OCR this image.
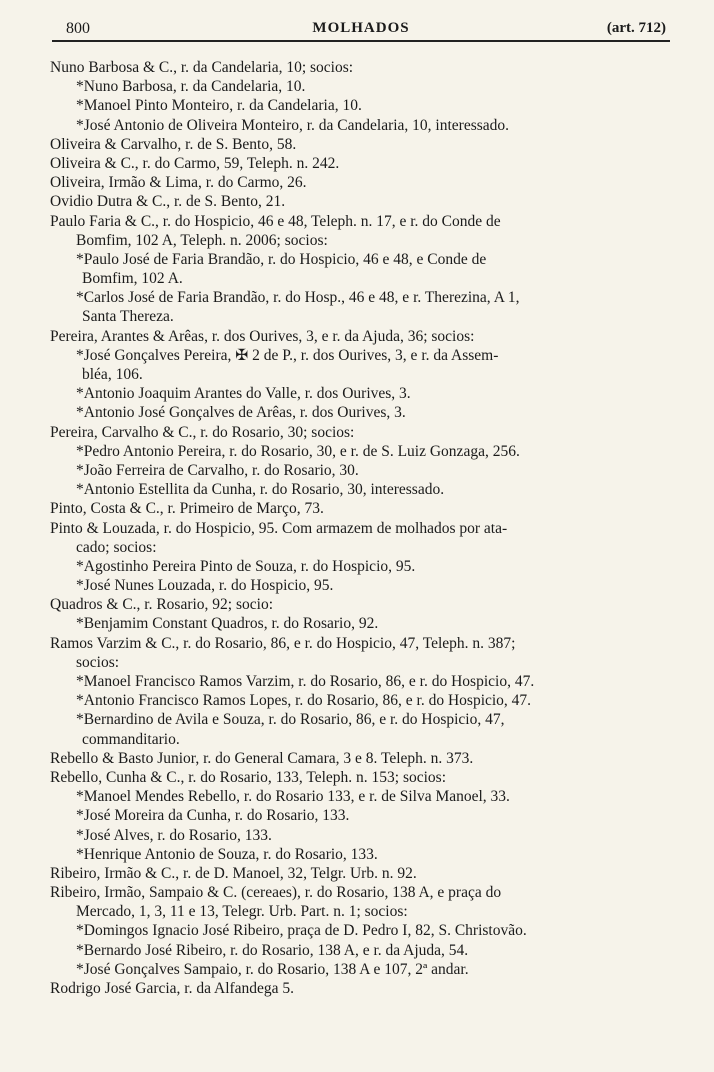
800	MOLHADOS	(art. 712)
Nuno Barbosa & C., r. da Candelaria, 10; socios:
*Nuno Barbosa, r. da Candelaria, 10.
*Manoel Pinto Monteiro, r. da Candelaria, 10.
*José Antonio de Oliveira Monteiro, r. da Candelaria, 10, interessado.
Oliveira & Carvalho, r. de S. Bento, 58.
Oliveira & C., r. do Carmo, 59, Teleph. n. 242.
Oliveira, Irmão & Lima, r. do Carmo, 26.
Ovidio Dutra & C., r. de S. Bento, 21.
Paulo Faria & C., r. do Hospicio, 46 e 48, Teleph. n. 17, e r. do Conde de
Bomfim, 102 A, Teleph. n. 2006; socios:
*Paulo José de Faria Brandão, r. do Hospicio, 46 e 48, e Conde de
Bomfim, 102 A.
*Carlos José de Faria Brandão, r. do Hosp., 46 e 48, e r. Therezina, A 1,
Santa Thereza.
Pereira, Arantes & Arêas, r. dos Ourives, 3, e r. da Ajuda, 36; socios:
*José Gonçalves Pereira, ✠ 2 de P., r. dos Ourives, 3, e r. da Assem-
bléa, 106.
*Antonio Joaquim Arantes do Valle, r. dos Ourives, 3.
*Antonio José Gonçalves de Arêas, r. dos Ourives, 3.
Pereira, Carvalho & C., r. do Rosario, 30; socios:
*Pedro Antonio Pereira, r. do Rosario, 30, e r. de S. Luiz Gonzaga, 256.
*João Ferreira de Carvalho, r. do Rosario, 30.
*Antonio Estellita da Cunha, r. do Rosario, 30, interessado.
Pinto, Costa & C., r. Primeiro de Março, 73.
Pinto & Louzada, r. do Hospicio, 95. Com armazem de molhados por ata-
cado; socios:
*Agostinho Pereira Pinto de Souza, r. do Hospicio, 95.
*José Nunes Louzada, r. do Hospicio, 95.
Quadros & C., r. Rosario, 92; socio:
*Benjamim Constant Quadros, r. do Rosario, 92.
Ramos Varzim & C., r. do Rosario, 86, e r. do Hospicio, 47, Teleph. n. 387;
socios:
*Manoel Francisco Ramos Varzim, r. do Rosario, 86, e r. do Hospicio, 47.
*Antonio Francisco Ramos Lopes, r. do Rosario, 86, e r. do Hospicio, 47.
*Bernardino de Avila e Souza, r. do Rosario, 86, e r. do Hospicio, 47,
commanditario.
Rebello & Basto Junior, r. do General Camara, 3 e 8. Teleph. n. 373.
Rebello, Cunha & C., r. do Rosario, 133, Teleph. n. 153; socios:
*Manoel Mendes Rebello, r. do Rosario 133, e r. de Silva Manoel, 33.
*José Moreira da Cunha, r. do Rosario, 133.
*José Alves, r. do Rosario, 133.
*Henrique Antonio de Souza, r. do Rosario, 133.
Ribeiro, Irmão & C., r. de D. Manoel, 32, Telgr. Urb. n. 92.
Ribeiro, Irmão, Sampaio & C. (cereaes), r. do Rosario, 138 A, e praça do
Mercado, 1, 3, 11 e 13, Telegr. Urb. Part. n. 1; socios:
*Domingos Ignacio José Ribeiro, praça de D. Pedro I, 82, S. Christovão.
*Bernardo José Ribeiro, r. do Rosario, 138 A, e r. da Ajuda, 54.
*José Gonçalves Sampaio, r. do Rosario, 138 A e 107, 2ª andar.
Rodrigo José Garcia, r. da Alfandega 5.
